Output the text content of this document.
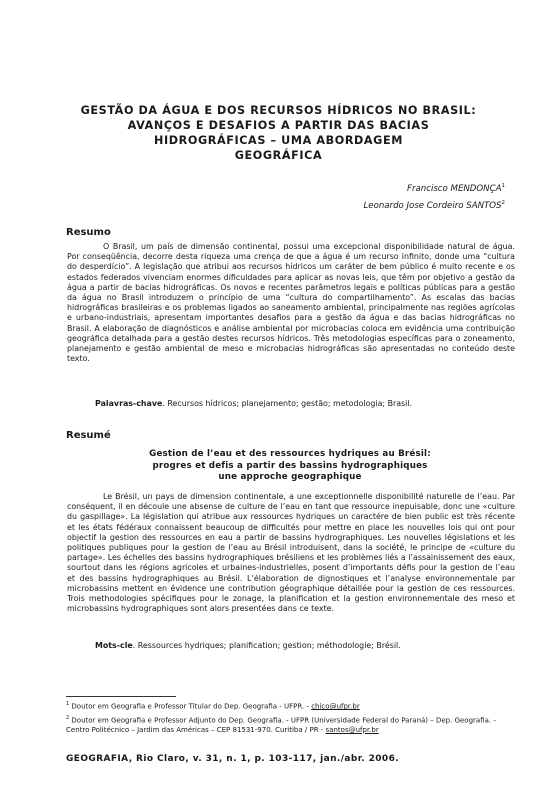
GESTÃO DA ÁGUA E DOS RECURSOS HÍDRICOS NO BRASIL:
AVANÇOS E DESAFIOS A PARTIR DAS BACIAS
HIDROGRÁFICAS – UMA ABORDAGEM
GEOGRÁFICA
Francisco MENDONÇA$^1$
Leonardo Jose Cordeiro SANTOS$^2$
Resumo
O Brasil, um país de dimensão continental, possui uma excepcional disponibilidade natural de água. Por conseqüência, decorre desta riqueza uma crença de que a água é um recurso infinito, donde uma “cultura do desperdício”. A legislação que atribui aos recursos hídricos um caráter de bem público é muito recente e os estados federados vivenciam enormes dificuldades para aplicar as novas leis, que têm por objetivo a gestão da água a partir de bacias hidrográficas. Os novos e recentes parâmetros legais e políticas públicas para a gestão da água no Brasil introduzem o princípio de uma “cultura do compartilhamento”. As escalas das bacias hidrográficas brasileiras e os problemas ligados ao saneamento ambiental, principalmente nas regiões agrícolas e urbano-industriais, apresentam importantes desafios para a gestão da água e das bacias hidrográficas no Brasil. A elaboração de diagnósticos e análise ambiental por microbacias coloca em evidência uma contribuição geográfica detalhada para a gestão destes recursos hídricos. Três metodologias específicas para o zoneamento, planejamento e gestão ambiental de meso e microbacias hidrográficas são apresentadas no conteúdo deste texto.
Palavras-chave. Recursos hídricos; planejamento; gestão; metodologia; Brasil.
Resumé
Gestion de l’eau et des ressources hydriques au Brésil:
progres et defis a partir des bassins hydrographiques
une approche geographique
Le Brésil, un pays de dimension continentale, a une exceptionnelle disponibilité naturelle de l’eau. Par conséquent, il en découle une absense de culture de l’eau en tant que ressource inepuisable, donc une «culture du gaspillage». La législation qui atribue aux ressources hydriques un caractére de bien public est très récente et les états fédéraux connaissent beaucoup de difficultés pour mettre en place les nouvelles lois qui ont pour objectif la gestion des ressources en eau a partir de bassins hydrographiques. Les nouvelles législations et les politiques publiques pour la gestion de l’eau au Brésil introduisent, dans la société, le principe de «culture du partage». Les échelles des bassins hydrographiques brésiliens et les problèmes liés a l’assainissement des eaux, sourtout dans les régions agricoles et urbaines-industrielles, posent d’importants défis pour la gestion de l’eau et des bassins hydrographiques au Brésil. L’élaboration de dignostiques et l’analyse environnementale par microbassins mettent en évidence une contribution géographique détaillée pour la gestion de ces ressources. Trois methodologies spécifiques pour le zonage, la planification et la gestion environnementale des meso et microbassins hydrographiques sont alors presentées dans ce texte.
Mots-cle. Ressources hydriques; planification; gestion; méthodologie; Brésil.
$^1$ Doutor em Geografia e Professor Titular do Dep. Geografia - UFPR. - chico@ufpr.br
$^2$ Doutor em Geografia e Professor Adjunto do Dep. Geografia. - UFPR (Universidade Federal do Paraná) – Dep. Geografia. - Centro Politécnico – Jardim das Américas – CEP 81531-970. Curitiba / PR - santos@ufpr.br
GEOGRAFIA, Rio Claro, v. 31, n. 1, p. 103-117, jan./abr. 2006.
